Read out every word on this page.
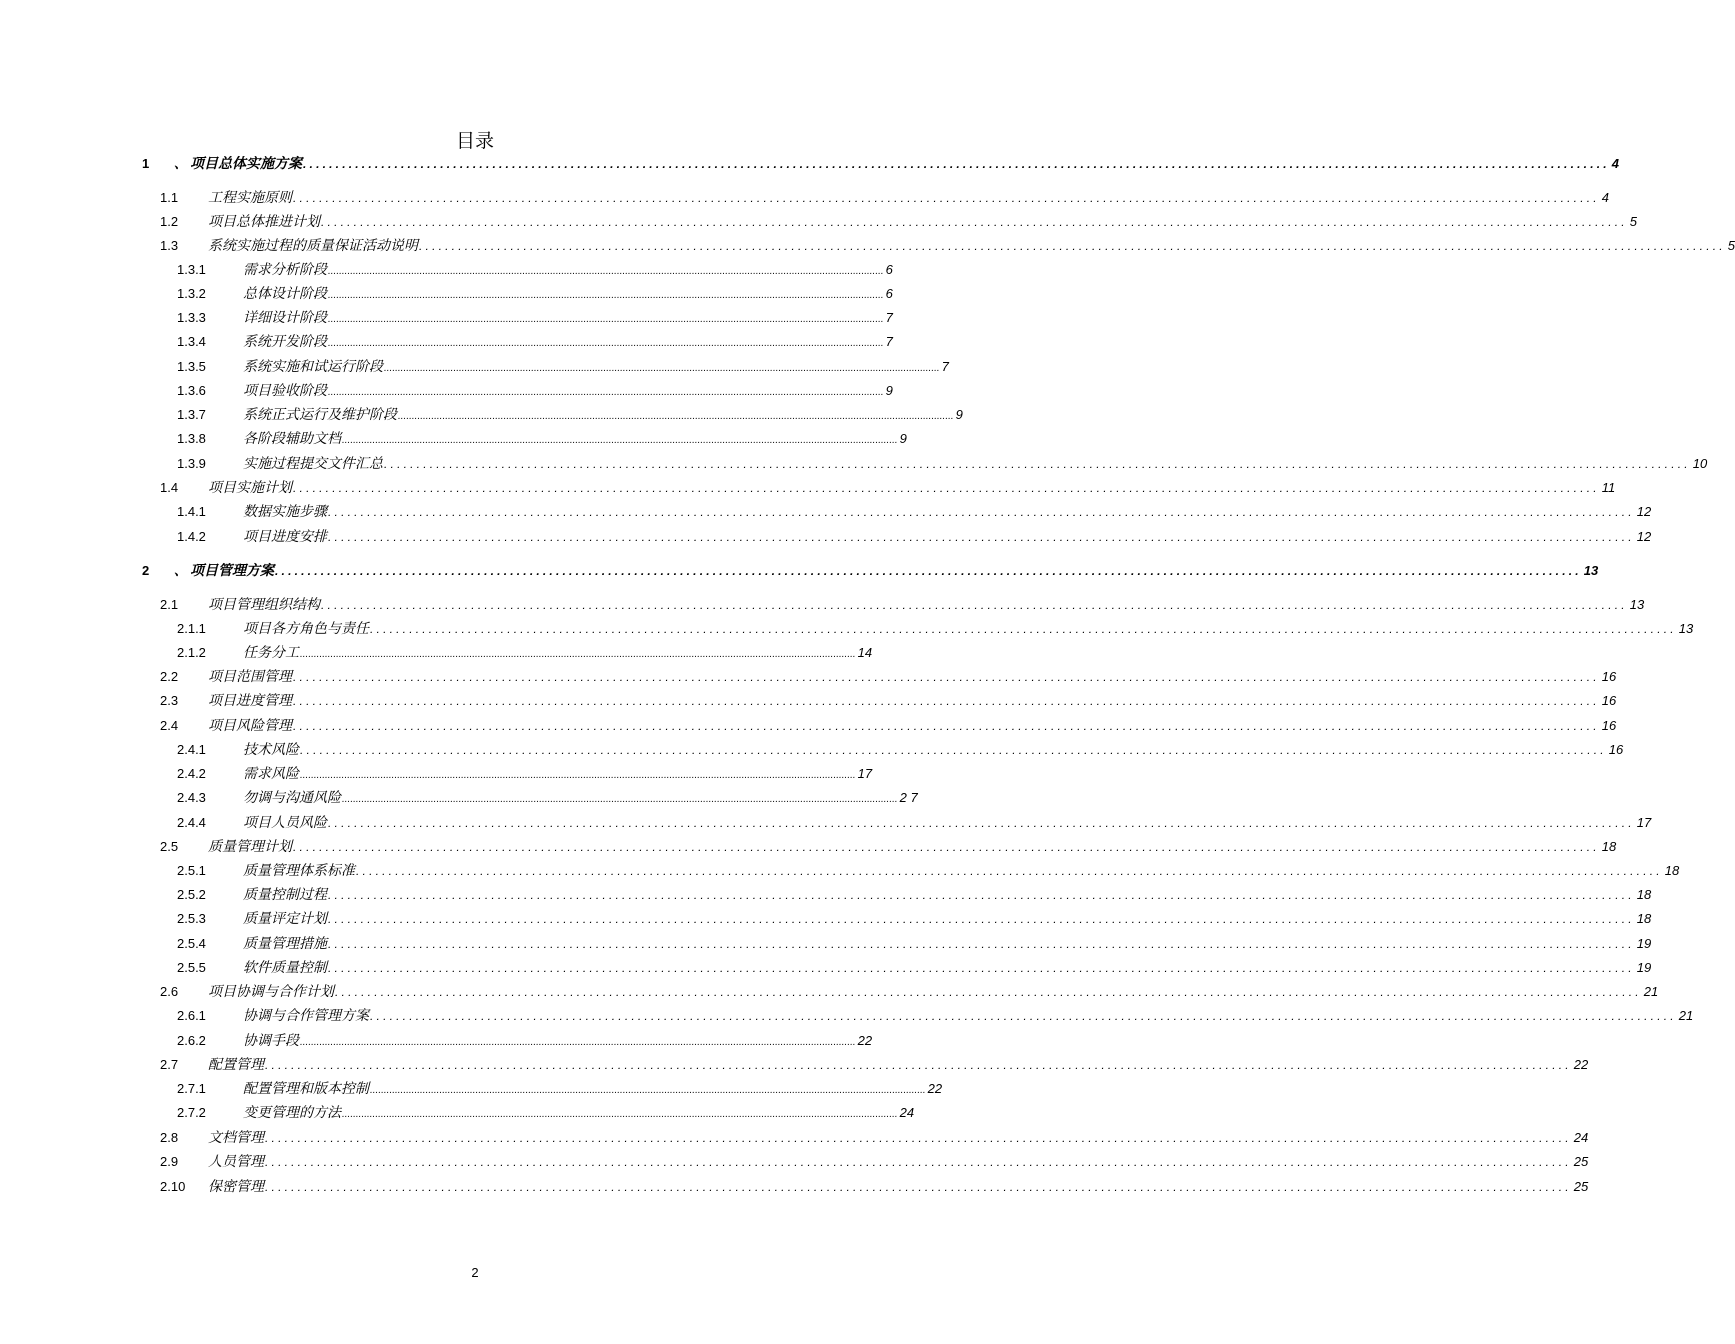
目录
1	、 项目总体实施方案 ........................................................................................................................................................................................................ 4
1.1	工程实施原则 ........................................................................................................................................................................................................ 4
1.2	项目总体推进计划 ........................................................................................................................................................................................................ 5
1.3	系统实施过程的质量保证活动说明 ........................................................................................................................................................................................................ 5
1.3.1	需求分析阶段 ........................................................................................................................................................................................................ 6
1.3.2	总体设计阶段 ........................................................................................................................................................................................................ 6
1.3.3	详细设计阶段 ........................................................................................................................................................................................................ 7
1.3.4	系统开发阶段 ........................................................................................................................................................................................................ 7
1.3.5	系统实施和试运行阶段 ........................................................................................................................................................................................................ 7
1.3.6	项目验收阶段 ........................................................................................................................................................................................................ 9
1.3.7	系统正式运行及维护阶段 ........................................................................................................................................................................................................ 9
1.3.8	各阶段辅助文档 ........................................................................................................................................................................................................ 9
1.3.9	实施过程提交文件汇总 ........................................................................................................................................................................................................ 10
1.4	项目实施计划 ........................................................................................................................................................................................................ 11
1.4.1	数据实施步骤 ........................................................................................................................................................................................................ 12
1.4.2	项目进度安排 ........................................................................................................................................................................................................ 12
2	、 项目管理方案 ........................................................................................................................................................................................................ 13
2.1	项目管理组织结构 ........................................................................................................................................................................................................ 13
2.1.1	项目各方角色与责任 ........................................................................................................................................................................................................ 13
2.1.2	任务分工 ........................................................................................................................................................................................................ 14
2.2	项目范围管理 ........................................................................................................................................................................................................ 16
2.3	项目进度管理 ........................................................................................................................................................................................................ 16
2.4	项目风险管理 ........................................................................................................................................................................................................ 16
2.4.1	技术风险 ........................................................................................................................................................................................................ 16
2.4.2	需求风险 ........................................................................................................................................................................................................ 17
2.4.3	勿调与沟通风险 ........................................................................................................................................................................................................ 2 7
2.4.4	项目人员风险 ........................................................................................................................................................................................................ 17
2.5	质量管理计划 ........................................................................................................................................................................................................ 18
2.5.1	质量管理体系标准 ........................................................................................................................................................................................................ 18
2.5.2	质量控制过程 ........................................................................................................................................................................................................ 18
2.5.3	质量评定计划 ........................................................................................................................................................................................................ 18
2.5.4	质量管理措施 ........................................................................................................................................................................................................ 19
2.5.5	软件质量控制 ........................................................................................................................................................................................................ 19
2.6	项目协调与合作计划 ........................................................................................................................................................................................................ 21
2.6.1	协调与合作管理方案 ........................................................................................................................................................................................................ 21
2.6.2	协调手段 ........................................................................................................................................................................................................ 22
2.7	配置管理 ........................................................................................................................................................................................................ 22
2.7.1	配置管理和版本控制 ........................................................................................................................................................................................................ 22
2.7.2	变更管理的方法 ........................................................................................................................................................................................................ 24
2.8	文档管理 ........................................................................................................................................................................................................ 24
2.9	人员管理 ........................................................................................................................................................................................................ 25
2.10	保密管理 ........................................................................................................................................................................................................ 25
2
